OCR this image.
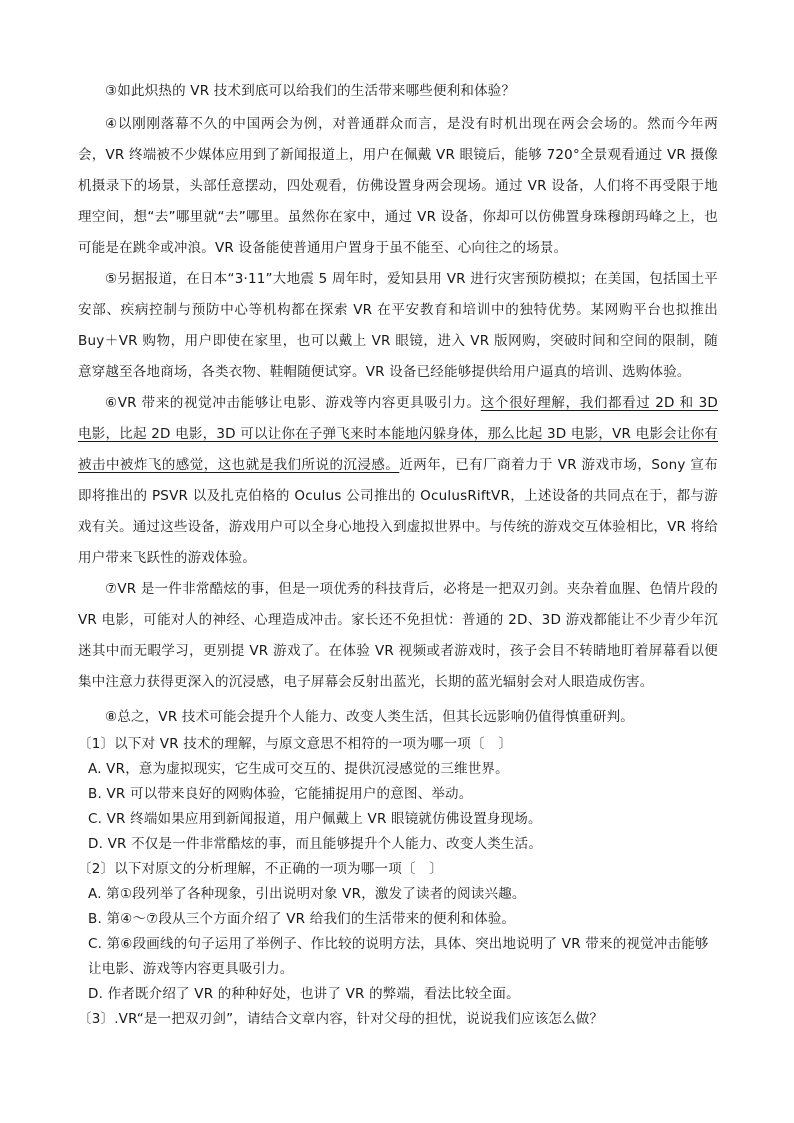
③如此炽热的 VR 技术到底可以给我们的生活带来哪些便利和体验？

④以刚刚落幕不久的中国两会为例，对普通群众而言，是没有时机出现在两会会场的。然而今年两会，VR 终端被不少媒体应用到了新闻报道上，用户在佩戴 VR 眼镜后，能够 720°全景观看通过 VR 摄像机摄录下的场景，头部任意摆动，四处观看，仿佛设置身两会现场。通过 VR 设备，人们将不再受限于地理空间，想“去”哪里就“去”哪里。虽然你在家中，通过 VR 设备，你却可以仿佛置身珠穆朗玛峰之上，也可能是在跳伞或冲浪。VR 设备能使普通用户置身于虽不能至、心向往之的场景。

⑤另据报道，在日本“3·11”大地震 5 周年时，爱知县用 VR 进行灾害预防模拟；在美国，包括国土平安部、疾病控制与预防中心等机构都在探索 VR 在平安教育和培训中的独特优势。某网购平台也拟推出 Buy＋VR 购物，用户即使在家里，也可以戴上 VR 眼镜，进入 VR 版网购，突破时间和空间的限制，随意穿越至各地商场，各类衣物、鞋帽随便试穿。VR 设备已经能够提供给用户逼真的培训、选购体验。

⑥VR 带来的视觉冲击能够让电影、游戏等内容更具吸引力。这个很好理解，我们都看过 2D 和 3D 电影，比起 2D 电影，3D 可以让你在子弹飞来时本能地闪躲身体，那么比起 3D 电影，VR 电影会让你有被击中被炸飞的感觉，这也就是我们所说的沉浸感。近两年，已有厂商着力于 VR 游戏市场，Sony 宣布即将推出的 PSVR 以及扎克伯格的 Oculus 公司推出的 OculusRiftVR，上述设备的共同点在于，都与游戏有关。通过这些设备，游戏用户可以全身心地投入到虚拟世界中。与传统的游戏交互体验相比，VR 将给用户带来飞跃性的游戏体验。

⑦VR 是一件非常酷炫的事，但是一项优秀的科技背后，必将是一把双刃剑。夹杂着血腥、色情片段的 VR 电影，可能对人的神经、心理造成冲击。家长还不免担忧：普通的 2D、3D 游戏都能让不少青少年沉迷其中而无暇学习，更别提 VR 游戏了。在体验 VR 视频或者游戏时，孩子会目不转睛地盯着屏幕看以便集中注意力获得更深入的沉浸感，电子屏幕会反射出蓝光，长期的蓝光辐射会对人眼造成伤害。

⑧总之，VR 技术可能会提升个人能力、改变人类生活，但其长远影响仍值得慎重研判。

〔1〕以下对 VR 技术的理解，与原文意思不相符的一项为哪一项〔　〕

A. VR，意为虚拟现实，它生成可交互的、提供沉浸感觉的三维世界。

B. VR 可以带来良好的网购体验，它能捕捉用户的意图、举动。

C. VR 终端如果应用到新闻报道，用户佩戴上 VR 眼镜就仿佛设置身现场。

D. VR 不仅是一件非常酷炫的事，而且能够提升个人能力、改变人类生活。

〔2〕以下对原文的分析理解，不正确的一项为哪一项〔　〕

A. 第①段列举了各种现象，引出说明对象 VR，激发了读者的阅读兴趣。

B. 第④～⑦段从三个方面介绍了 VR 给我们的生活带来的便利和体验。

C. 第⑥段画线的句子运用了举例子、作比较的说明方法，具体、突出地说明了 VR 带来的视觉冲击能够让电影、游戏等内容更具吸引力。

D. 作者既介绍了 VR 的种种好处，也讲了 VR 的弊端，看法比较全面。

〔3〕.VR“是一把双刃剑”，请结合文章内容，针对父母的担忧，说说我们应该怎么做？
